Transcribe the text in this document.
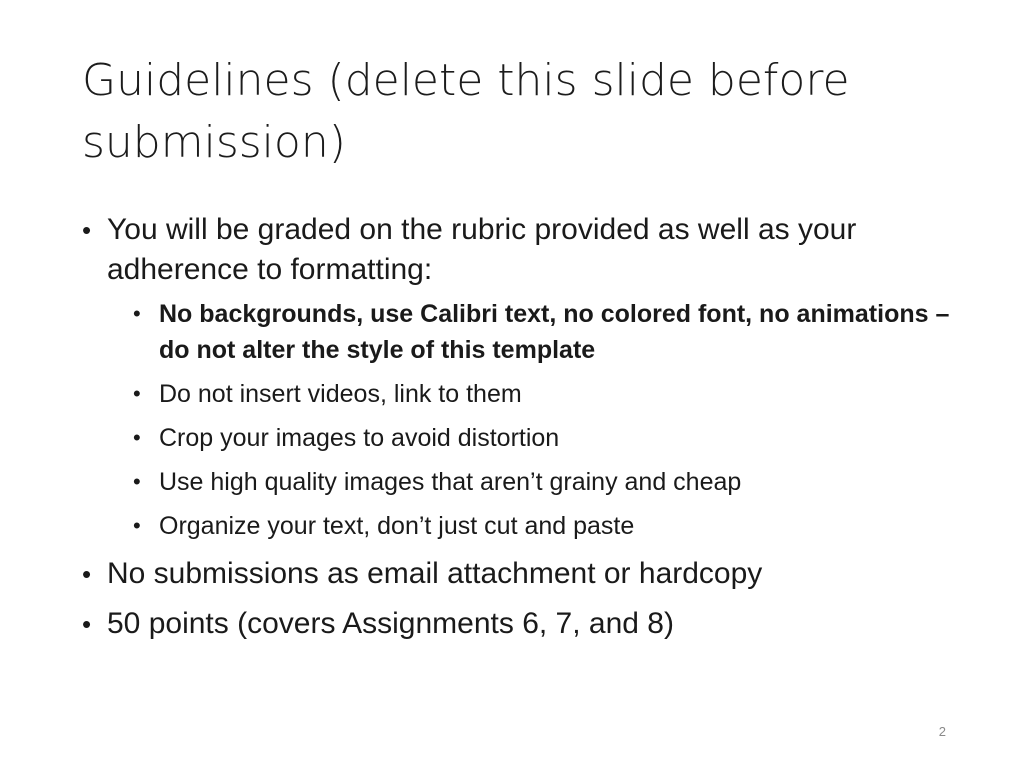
Guidelines (delete this slide before submission)
• You will be graded on the rubric provided as well as your adherence to formatting:
• No backgrounds, use Calibri text, no colored font, no animations – do not alter the style of this template
• Do not insert videos, link to them
• Crop your images to avoid distortion
• Use high quality images that aren’t grainy and cheap
• Organize your text, don’t just cut and paste
• No submissions as email attachment or hardcopy
• 50 points (covers Assignments 6, 7, and 8)
2
